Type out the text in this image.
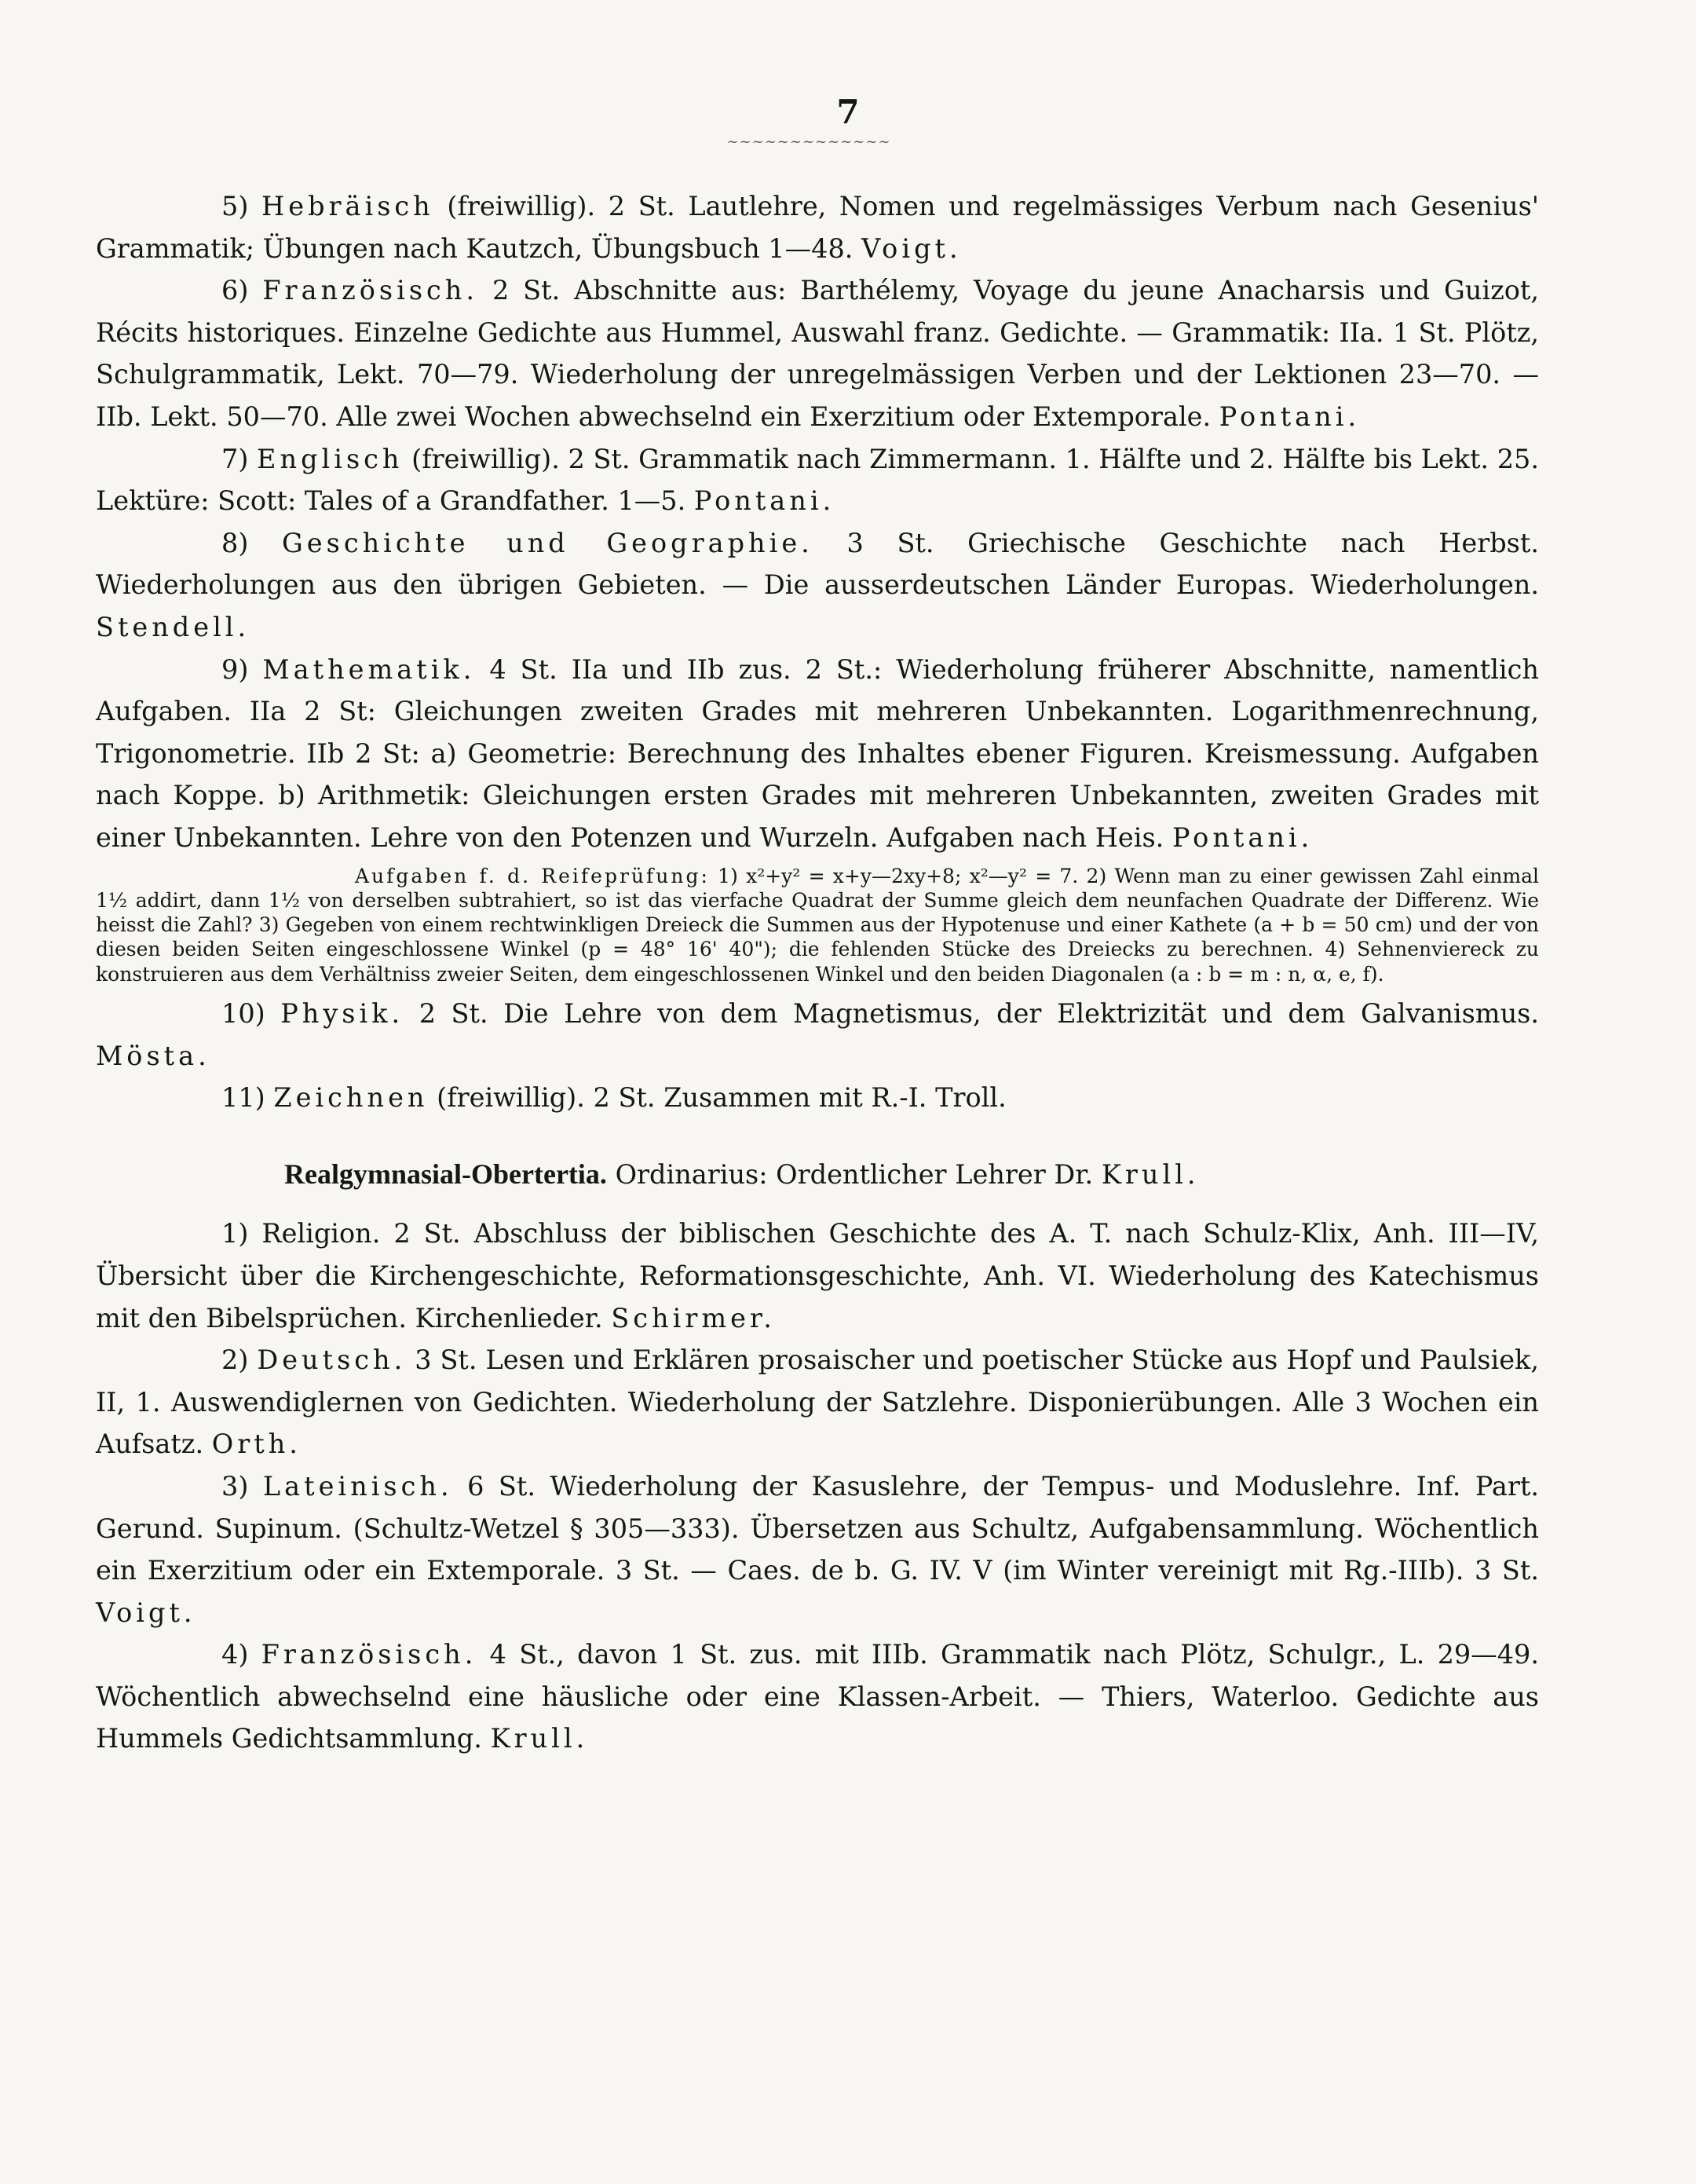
7
~~~~~~~~~~~~~

5) Hebräisch (freiwillig). 2 St. Lautlehre, Nomen und regelmässiges Verbum nach Gesenius' Grammatik; Übungen nach Kautzch, Übungsbuch 1—48. Voigt.

6) Französisch. 2 St. Abschnitte aus: Barthélemy, Voyage du jeune Anacharsis und Guizot, Récits historiques. Einzelne Gedichte aus Hummel, Auswahl franz. Gedichte. — Grammatik: IIa. 1 St. Plötz, Schulgrammatik, Lekt. 70—79. Wiederholung der unregelmässigen Verben und der Lektionen 23—70. — IIb. Lekt. 50—70. Alle zwei Wochen abwechselnd ein Exerzitium oder Extemporale. Pontani.

7) Englisch (freiwillig). 2 St. Grammatik nach Zimmermann. 1. Hälfte und 2. Hälfte bis Lekt. 25. Lektüre: Scott: Tales of a Grandfather. 1—5. Pontani.

8) Geschichte und Geographie. 3 St. Griechische Geschichte nach Herbst. Wiederholungen aus den übrigen Gebieten. — Die ausserdeutschen Länder Europas. Wiederholungen. Stendell.

9) Mathematik. 4 St. IIa und IIb zus. 2 St.: Wiederholung früherer Abschnitte, namentlich Aufgaben. IIa 2 St: Gleichungen zweiten Grades mit mehreren Unbekannten. Logarithmenrechnung, Trigonometrie. IIb 2 St: a) Geometrie: Berechnung des Inhaltes ebener Figuren. Kreismessung. Aufgaben nach Koppe. b) Arithmetik: Gleichungen ersten Grades mit mehreren Unbekannten, zweiten Grades mit einer Unbekannten. Lehre von den Potenzen und Wurzeln. Aufgaben nach Heis. Pontani.

Aufgaben f. d. Reifeprüfung: 1) x²+y² = x+y—2xy+8; x²—y² = 7. 2) Wenn man zu einer gewissen Zahl einmal 1½ addirt, dann 1½ von derselben subtrahiert, so ist das vierfache Quadrat der Summe gleich dem neunfachen Quadrate der Differenz. Wie heisst die Zahl? 3) Gegeben von einem rechtwinkligen Dreieck die Summen aus der Hypotenuse und einer Kathete (a + b = 50 cm) und der von diesen beiden Seiten eingeschlossene Winkel (p = 48° 16' 40"); die fehlenden Stücke des Dreiecks zu berechnen. 4) Sehnenviereck zu konstruieren aus dem Verhältniss zweier Seiten, dem eingeschlossenen Winkel und den beiden Diagonalen (a : b = m : n, α, e, f).

10) Physik. 2 St. Die Lehre von dem Magnetismus, der Elektrizität und dem Galvanismus. Mösta.

11) Zeichnen (freiwillig). 2 St. Zusammen mit R.-I. Troll.

Realgymnasial-Obertertia. Ordinarius: Ordentlicher Lehrer Dr. Krull.

1) Religion. 2 St. Abschluss der biblischen Geschichte des A. T. nach Schulz-Klix, Anh. III—IV, Übersicht über die Kirchengeschichte, Reformationsgeschichte, Anh. VI. Wiederholung des Katechismus mit den Bibelsprüchen. Kirchenlieder. Schirmer.

2) Deutsch. 3 St. Lesen und Erklären prosaischer und poetischer Stücke aus Hopf und Paulsiek, II, 1. Auswendiglernen von Gedichten. Wiederholung der Satzlehre. Disponierübungen. Alle 3 Wochen ein Aufsatz. Orth.

3) Lateinisch. 6 St. Wiederholung der Kasuslehre, der Tempus- und Moduslehre. Inf. Part. Gerund. Supinum. (Schultz-Wetzel § 305—333). Übersetzen aus Schultz, Aufgabensammlung. Wöchentlich ein Exerzitium oder ein Extemporale. 3 St. — Caes. de b. G. IV. V (im Winter vereinigt mit Rg.-IIIb). 3 St. Voigt.

4) Französisch. 4 St., davon 1 St. zus. mit IIIb. Grammatik nach Plötz, Schulgr., L. 29—49. Wöchentlich abwechselnd eine häusliche oder eine Klassen-Arbeit. — Thiers, Waterloo. Gedichte aus Hummels Gedichtsammlung. Krull.
